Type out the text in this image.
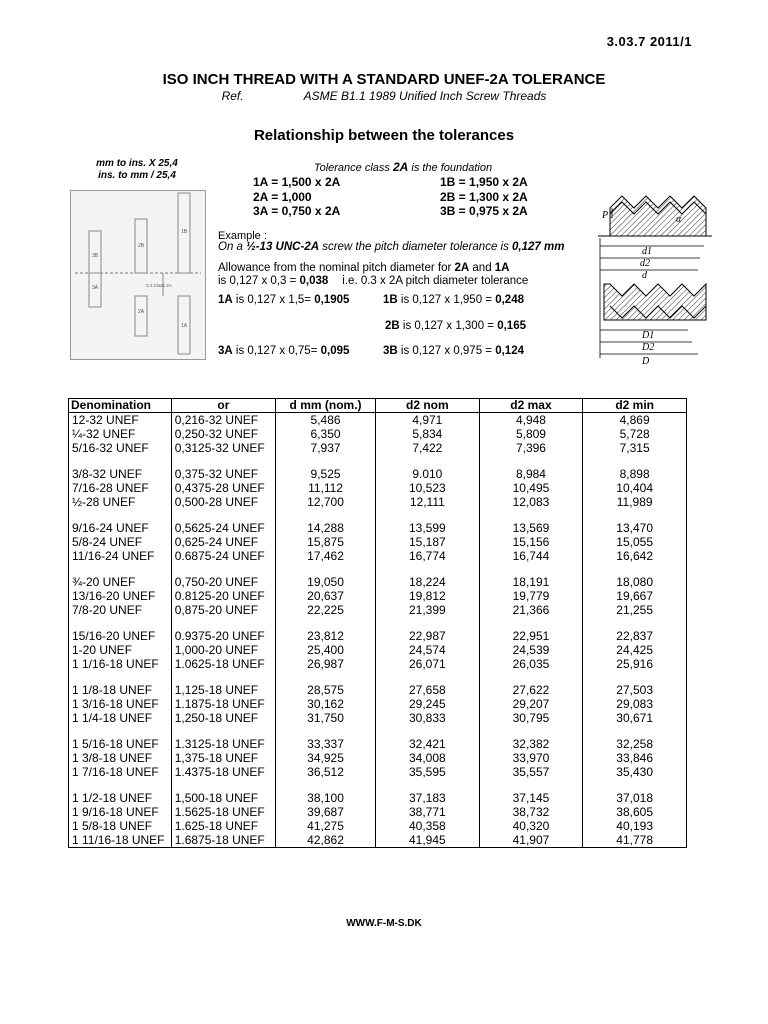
3.03.7 2011/1
ISO INCH THREAD WITH A STANDARD UNEF-2A TOLERANCE
Ref.	ASME B1.1 1989 Unified Inch Screw Threads
Relationship between the tolerances
mm to ins. X 25,4
ins. to mm / 25,4
3B
3A
2B
2A
1B
1A
0.3 Class 2A
Tolerance class 2A is the foundation
1A = 1,500 x 2A	1B = 1,950 x 2A
2A = 1,000	2B = 1,300 x 2A
3A = 0,750 x 2A	3B = 0,975 x 2A
Example :
On a ½-13 UNC-2A screw the pitch diameter tolerance is 0,127 mm
Allowance from the nominal pitch diameter for 2A and 1A
is 0,127 x 0,3 = 0,038 i.e. 0.3 x 2A pitch diameter tolerance
1A is 0,127 x 1,5= 0,1905	1B is 0,127 x 1,950 = 0,248
2B is 0,127 x 1,300 = 0,165
3A is 0,127 x 0,75= 0,095	3B is 0,127 x 0,975 = 0,124
P	α
d1
d2
d
D1
D2
D
Denomination	or	d mm (nom.)	d2 nom	d2 max	d2 min
12-32 UNEF	0,216-32 UNEF	5,486	4,971	4,948	4,869
¼-32 UNEF	0,250-32 UNEF	6,350	5,834	5,809	5,728
5/16-32 UNEF	0,3125-32 UNEF	7,937	7,422	7,396	7,315

3/8-32 UNEF	0,375-32 UNEF	9,525	9.010	8,984	8,898
7/16-28 UNEF	0,4375-28 UNEF	11,112	10,523	10,495	10,404
½-28 UNEF	0,500-28 UNEF	12,700	12,111	12,083	11,989

9/16-24 UNEF	0,5625-24 UNEF	14,288	13,599	13,569	13,470
5/8-24 UNEF	0,625-24 UNEF	15,875	15,187	15,156	15,055
11/16-24 UNEF	0.6875-24 UNEF	17,462	16,774	16,744	16,642

¾-20 UNEF	0,750-20 UNEF	19,050	18,224	18,191	18,080
13/16-20 UNEF	0.8125-20 UNEF	20,637	19,812	19,779	19,667
7/8-20 UNEF	0,875-20 UNEF	22,225	21,399	21,366	21,255

15/16-20 UNEF	0.9375-20 UNEF	23,812	22,987	22,951	22,837
1-20 UNEF	1,000-20 UNEF	25,400	24,574	24,539	24,425
1 1/16-18 UNEF	1.0625-18 UNEF	26,987	26,071	26,035	25,916

1 1/8-18 UNEF	1,125-18 UNEF	28,575	27,658	27,622	27,503
1 3/16-18 UNEF	1.1875-18 UNEF	30,162	29,245	29,207	29,083
1 1/4-18 UNEF	1,250-18 UNEF	31,750	30,833	30,795	30,671

1 5/16-18 UNEF	1.3125-18 UNEF	33,337	32,421	32,382	32,258
1 3/8-18 UNEF	1,375-18 UNEF	34,925	34,008	33,970	33,846
1 7/16-18 UNEF	1.4375-18 UNEF	36,512	35,595	35,557	35,430

1 1/2-18 UNEF	1,500-18 UNEF	38,100	37,183	37,145	37,018
1 9/16-18 UNEF	1.5625-18 UNEF	39,687	38,771	38,732	38,605
1 5/8-18 UNEF	1.625-18 UNEF	41,275	40,358	40,320	40,193
1 11/16-18 UNEF	1.6875-18 UNEF	42,862	41,945	41,907	41,778
WWW.F-M-S.DK
